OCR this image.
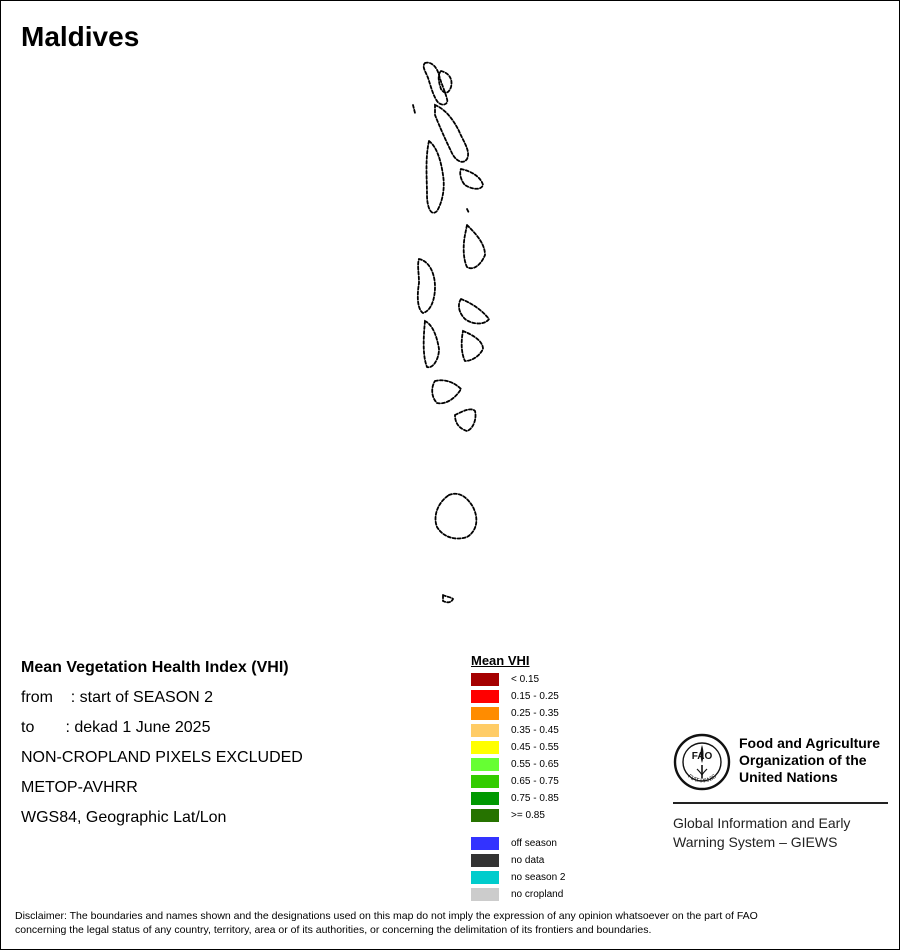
Maldives
Mean Vegetation Health Index (VHI)
from    : start of SEASON 2
to       : dekad 1 June 2025
NON-CROPLAND PIXELS EXCLUDED
METOP-AVHRR
WGS84, Geographic Lat/Lon
Mean VHI
< 0.15
0.15 - 0.25
0.25 - 0.35
0.35 - 0.45
0.45 - 0.55
0.55 - 0.65
0.65 - 0.75
0.75 - 0.85
>= 0.85
off season
no data
no season 2
no cropland
FAO
FIAT PANIS
Food and Agriculture
Organization of the
United Nations
Global Information and Early
Warning System – GIEWS
Disclaimer: The boundaries and names shown and the designations used on this map do not imply the expression of any opinion whatsoever on the part of FAO
concerning the legal status of any country, territory, area or of its authorities, or concerning the delimitation of its frontiers and boundaries.
